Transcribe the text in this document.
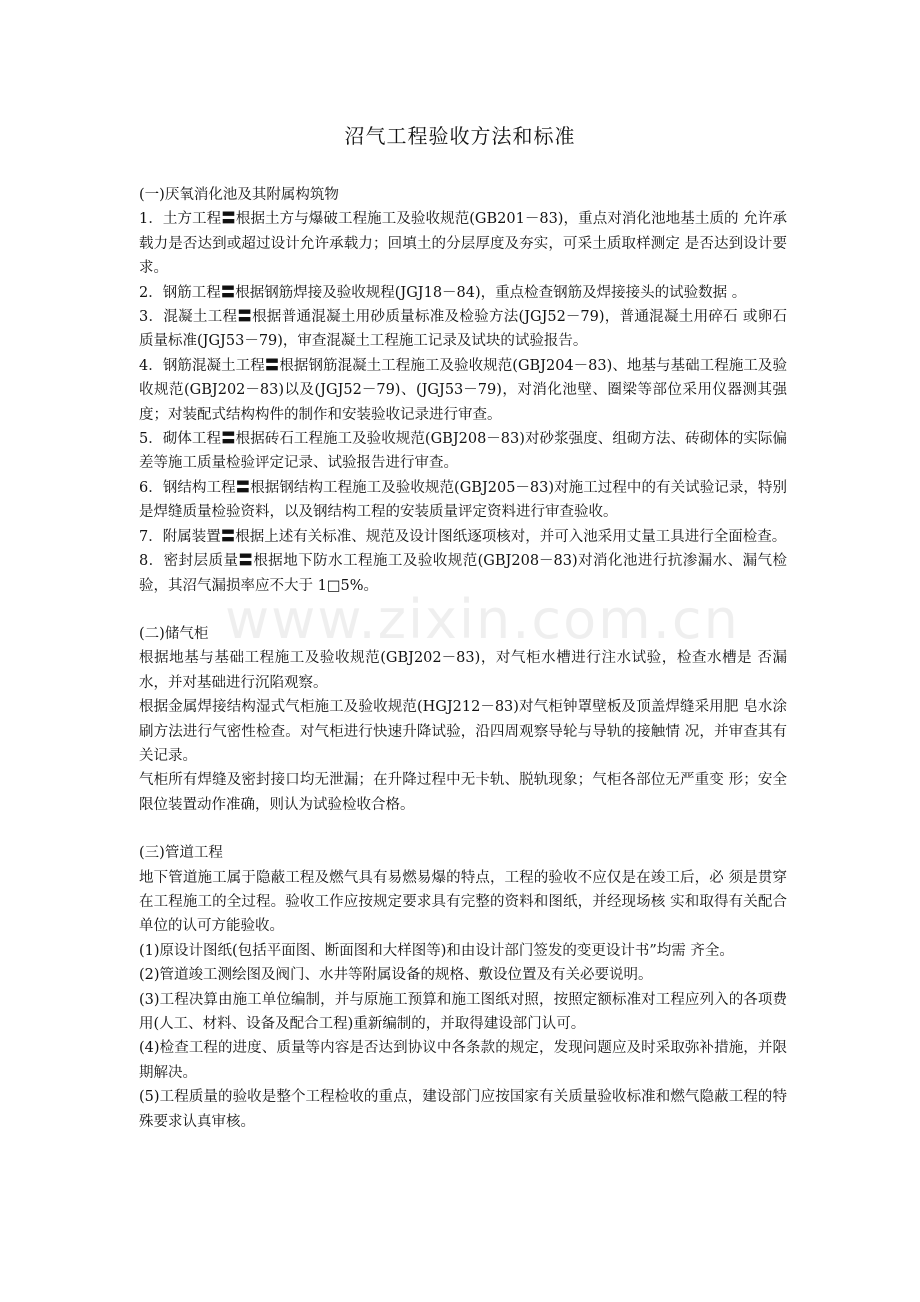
www.zixin.com.cn
沼气工程验收方法和标准

(一)厌氧消化池及其附属构筑物

1．土方工程〓根据土方与爆破工程施工及验收规范(GB201－83)，重点对消化池地基土质的 允许承载力是否达到或超过设计允许承载力；回填土的分层厚度及夯实，可采土质取样测定 是否达到设计要求。

2．钢筋工程〓根据钢筋焊接及验收规程(JGJ18－84)，重点检查钢筋及焊接接头的试验数据 。

3．混凝土工程〓根据普通混凝土用砂质量标准及检验方法(JGJ52－79)，普通混凝土用碎石 或卵石质量标准(JGJ53－79)，审查混凝土工程施工记录及试块的试验报告。

4．钢筋混凝土工程〓根据钢筋混凝土工程施工及验收规范(GBJ204－83)、地基与基础工程施工及验收规范(GBJ202－83)以及(JGJ52－79)、(JGJ53－79)，对消化池壁、圈梁等部位采用仪器测其强度；对装配式结构构件的制作和安装验收记录进行审查。

5．砌体工程〓根据砖石工程施工及验收规范(GBJ208－83)对砂浆强度、组砌方法、砖砌体的实际偏差等施工质量检验评定记录、试验报告进行审查。

6．钢结构工程〓根据钢结构工程施工及验收规范(GBJ205－83)对施工过程中的有关试验记录，特别是焊缝质量检验资料，以及钢结构工程的安装质量评定资料进行审查验收。

7．附属装置〓根据上述有关标准、规范及设计图纸逐项核对，并可入池采用丈量工具进行全面检查。

8．密封层质量〓根据地下防水工程施工及验收规范(GBJ208－83)对消化池进行抗渗漏水、漏气检验，其沼气漏损率应不大于 1□5%。

(二)储气柜

根据地基与基础工程施工及验收规范(GBJ202－83)，对气柜水槽进行注水试验，检查水槽是 否漏水，并对基础进行沉陷观察。

根据金属焊接结构湿式气柜施工及验收规范(HGJ212－83)对气柜钟罩壁板及顶盖焊缝采用肥 皂水涂刷方法进行气密性检查。对气柜进行快速升降试验，沿四周观察导轮与导轨的接触情 况，并审查其有关记录。

气柜所有焊缝及密封接口均无泄漏；在升降过程中无卡轨、脱轨现象；气柜各部位无严重变 形；安全限位装置动作准确，则认为试验检收合格。

(三)管道工程

地下管道施工属于隐蔽工程及燃气具有易燃易爆的特点，工程的验收不应仅是在竣工后，必 须是贯穿在工程施工的全过程。验收工作应按规定要求具有完整的资料和图纸，并经现场核 实和取得有关配合单位的认可方能验收。

(1)原设计图纸(包括平面图、断面图和大样图等)和由设计部门签发的变更设计书”均需 齐全。

(2)管道竣工测绘图及阀门、水井等附属设备的规格、敷设位置及有关必要说明。

(3)工程决算由施工单位编制，并与原施工预算和施工图纸对照，按照定额标准对工程应列入的各项费用(人工、材料、设备及配合工程)重新编制的，并取得建设部门认可。

(4)检查工程的进度、质量等内容是否达到协议中各条款的规定，发现问题应及时采取弥补措施，并限期解决。

(5)工程质量的验收是整个工程检收的重点，建设部门应按国家有关质量验收标准和燃气隐蔽工程的特殊要求认真审核。
